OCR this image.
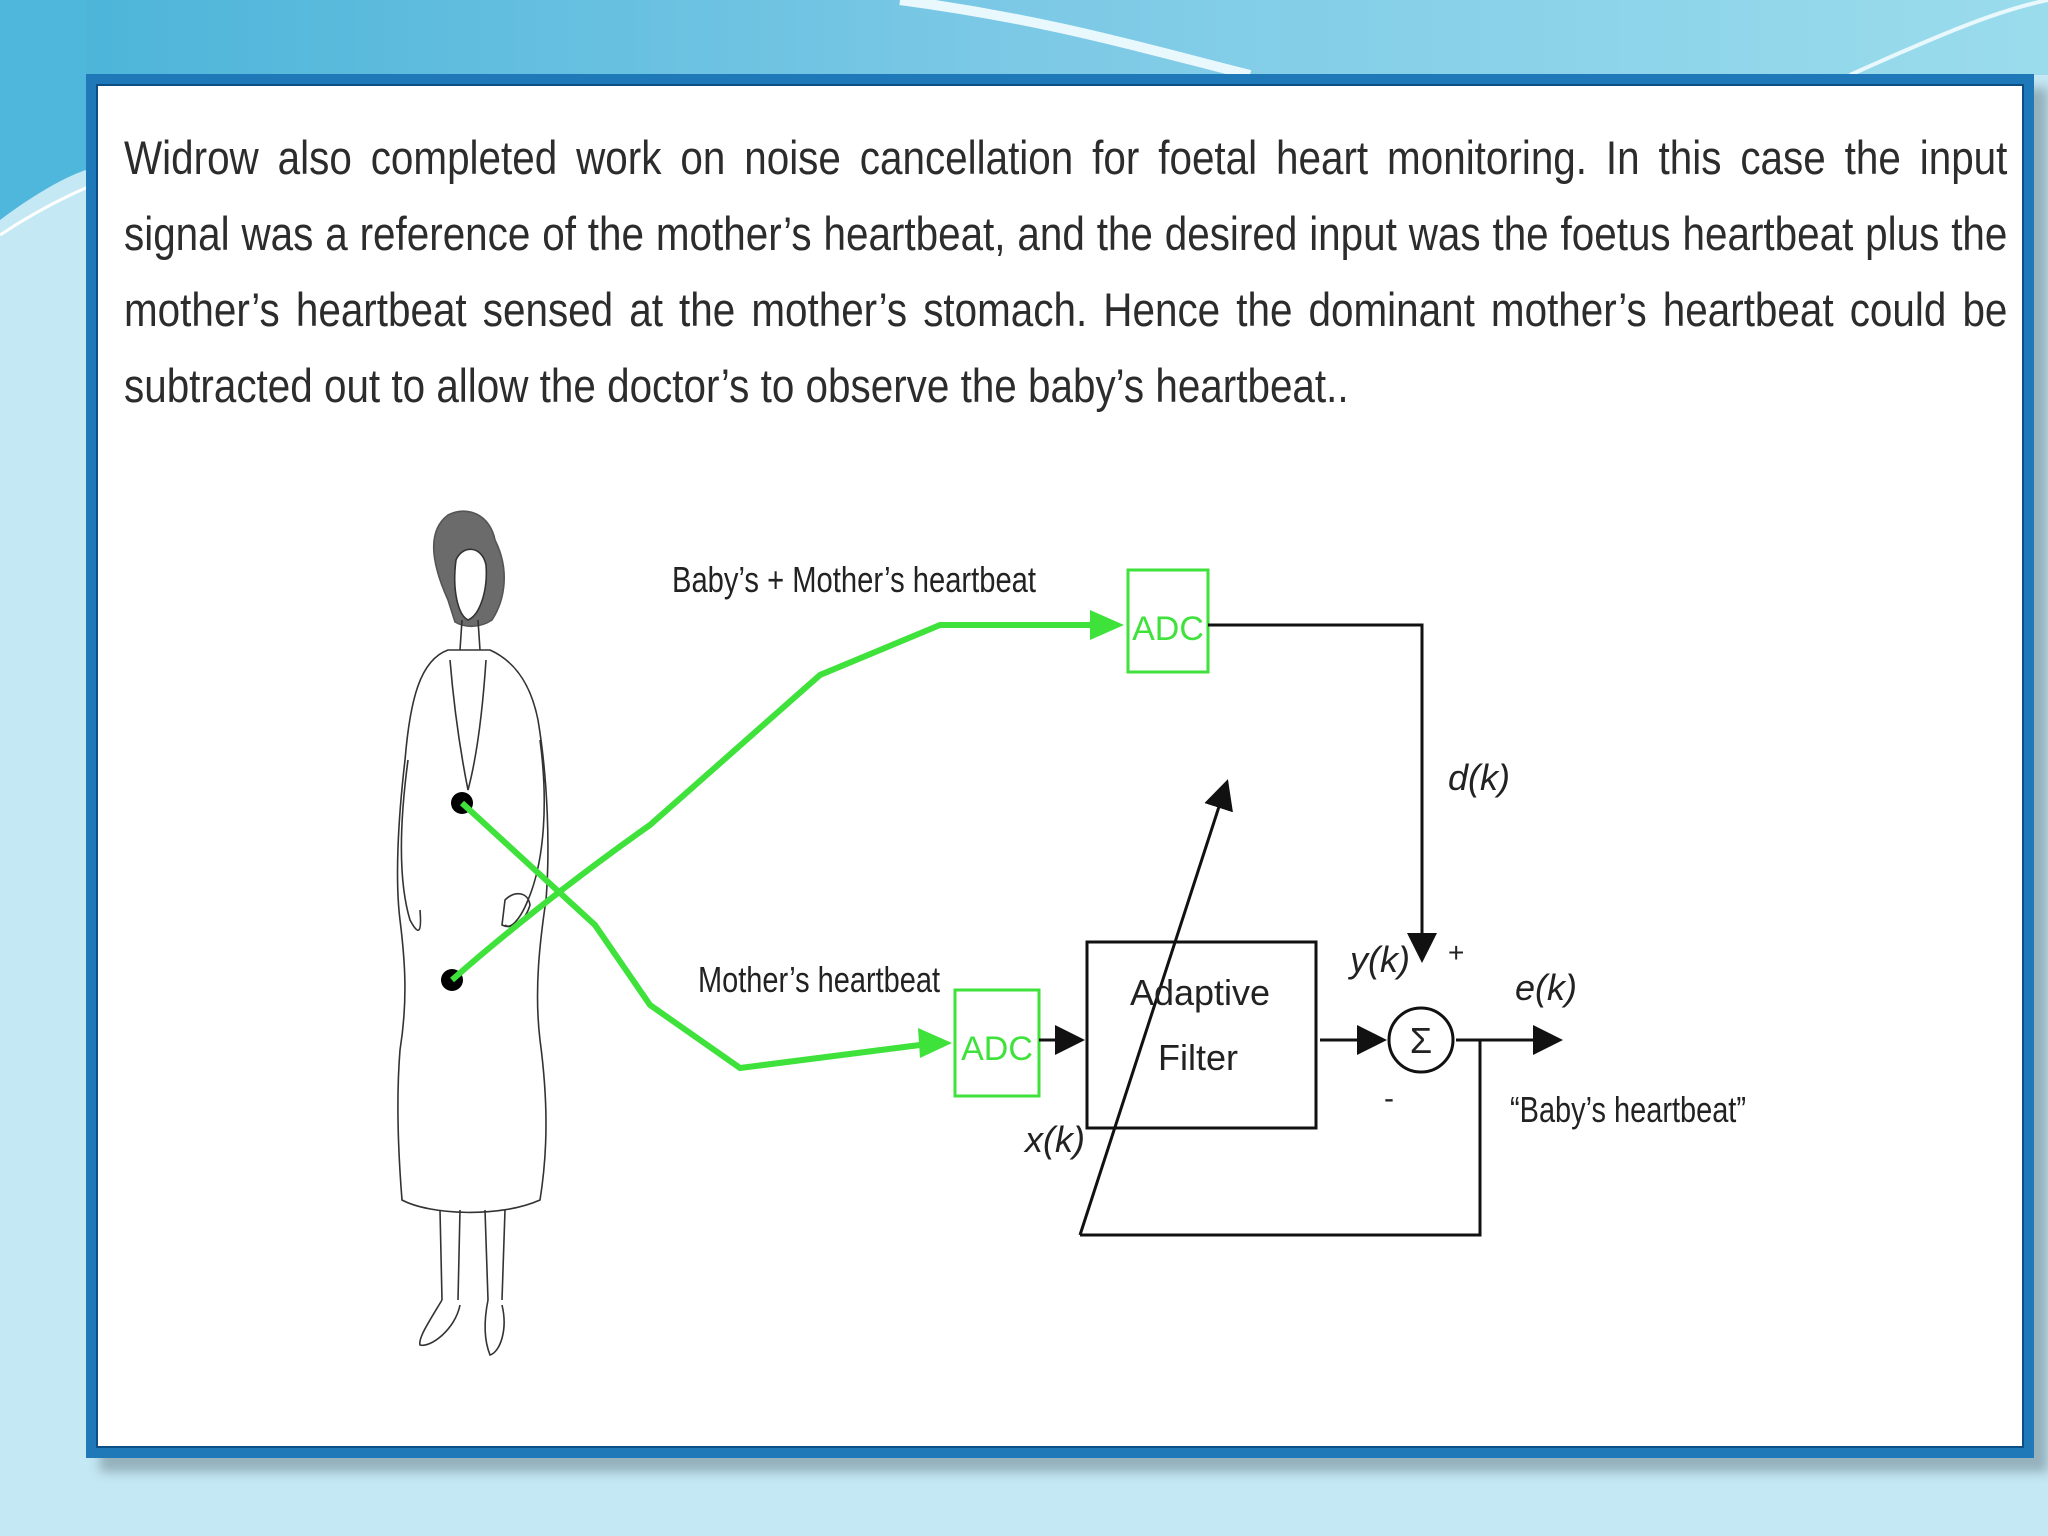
Widrow also completed work on noise cancellation for foetal heart monitoring. In this case the input signal was a reference of the mother’s heartbeat, and the desired input was the foetus heartbeat plus the mother’s heartbeat sensed at the mother’s stomach. Hence the dominant mother’s heartbeat could be subtracted out to allow the doctor’s to observe the baby’s heartbeat..

Baby’s + Mother’s heartbeat
Mother’s heartbeat
ADC
ADC
Adaptive
Filter	Σ
+
-
d(k)
y(k)
e(k)
x(k)
“Baby’s heartbeat”
